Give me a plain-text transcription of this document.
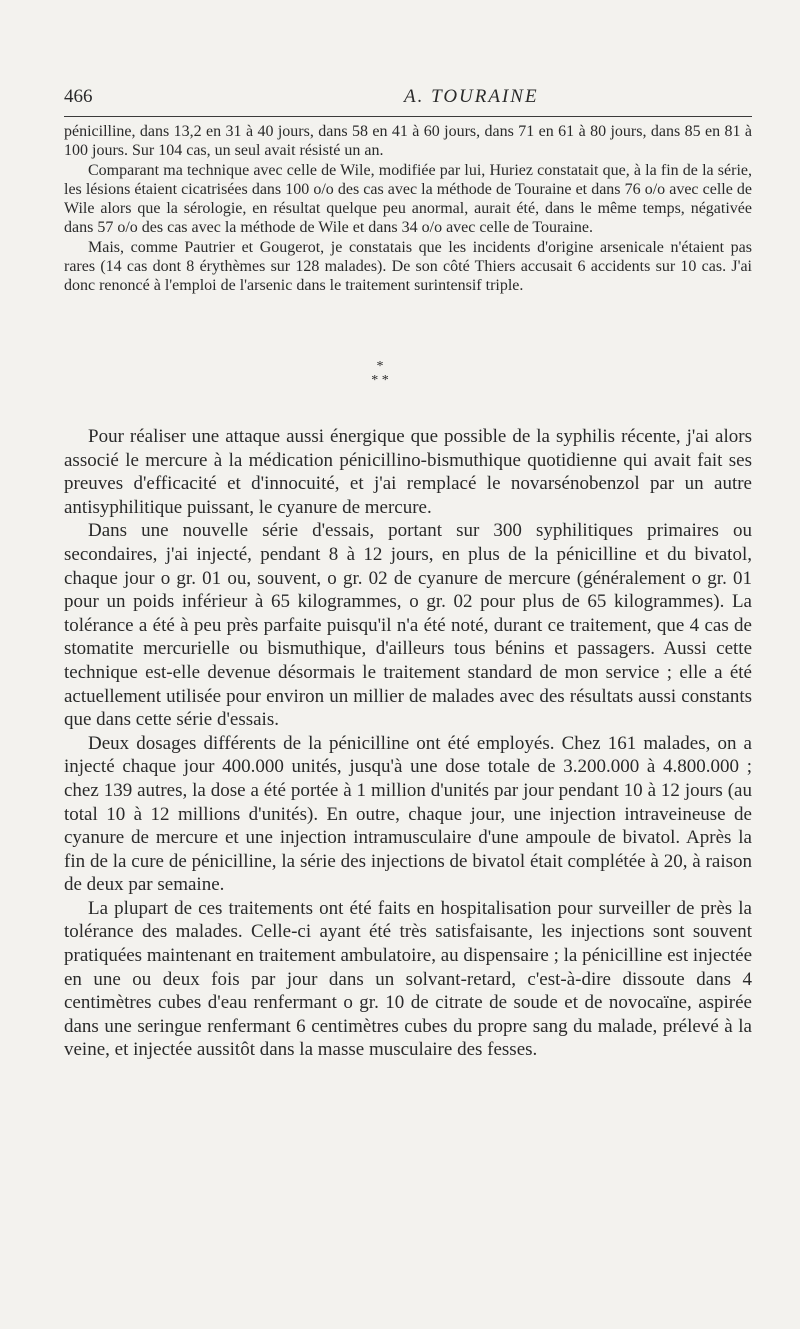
466	A. TOURAINE

pénicilline, dans 13,2 en 31 à 40 jours, dans 58 en 41 à 60 jours, dans 71 en 61 à 80 jours, dans 85 en 81 à 100 jours. Sur 104 cas, un seul avait résisté un an.

Comparant ma technique avec celle de Wile, modifiée par lui, Huriez constatait que, à la fin de la série, les lésions étaient cicatrisées dans 100 o/o des cas avec la méthode de Touraine et dans 76 o/o avec celle de Wile alors que la sérologie, en résultat quelque peu anormal, aurait été, dans le même temps, négativée dans 57 o/o des cas avec la méthode de Wile et dans 34 o/o avec celle de Touraine.

Mais, comme Pautrier et Gougerot, je constatais que les incidents d'origine arsenicale n'étaient pas rares (14 cas dont 8 érythèmes sur 128 malades). De son côté Thiers accusait 6 accidents sur 10 cas. J'ai donc renoncé à l'emploi de l'arsenic dans le traitement surintensif triple.

*
* *

Pour réaliser une attaque aussi énergique que possible de la syphilis récente, j'ai alors associé le mercure à la médication pénicillino-bismuthique quotidienne qui avait fait ses preuves d'efficacité et d'innocuité, et j'ai remplacé le novarsénobenzol par un autre antisyphilitique puissant, le cyanure de mercure.

Dans une nouvelle série d'essais, portant sur 300 syphilitiques primaires ou secondaires, j'ai injecté, pendant 8 à 12 jours, en plus de la pénicilline et du bivatol, chaque jour o gr. 01 ou, souvent, o gr. 02 de cyanure de mercure (généralement o gr. 01 pour un poids inférieur à 65 kilogrammes, o gr. 02 pour plus de 65 kilogrammes). La tolérance a été à peu près parfaite puisqu'il n'a été noté, durant ce traitement, que 4 cas de stomatite mercurielle ou bismuthique, d'ailleurs tous bénins et passagers. Aussi cette technique est-elle devenue désormais le traitement standard de mon service ; elle a été actuellement utilisée pour environ un millier de malades avec des résultats aussi constants que dans cette série d'essais.

Deux dosages différents de la pénicilline ont été employés. Chez 161 malades, on a injecté chaque jour 400.000 unités, jusqu'à une dose totale de 3.200.000 à 4.800.000 ; chez 139 autres, la dose a été portée à 1 million d'unités par jour pendant 10 à 12 jours (au total 10 à 12 millions d'unités). En outre, chaque jour, une injection intraveineuse de cyanure de mercure et une injection intramusculaire d'une ampoule de bivatol. Après la fin de la cure de pénicilline, la série des injections de bivatol était complétée à 20, à raison de deux par semaine.

La plupart de ces traitements ont été faits en hospitalisation pour surveiller de près la tolérance des malades. Celle-ci ayant été très satisfaisante, les injections sont souvent pratiquées maintenant en traitement ambulatoire, au dispensaire ; la pénicilline est injectée en une ou deux fois par jour dans un solvant-retard, c'est-à-dire dissoute dans 4 centimètres cubes d'eau renfermant o gr. 10 de citrate de soude et de novocaïne, aspirée dans une seringue renfermant 6 centimètres cubes du propre sang du malade, prélevé à la veine, et injectée aussitôt dans la masse musculaire des fesses.
